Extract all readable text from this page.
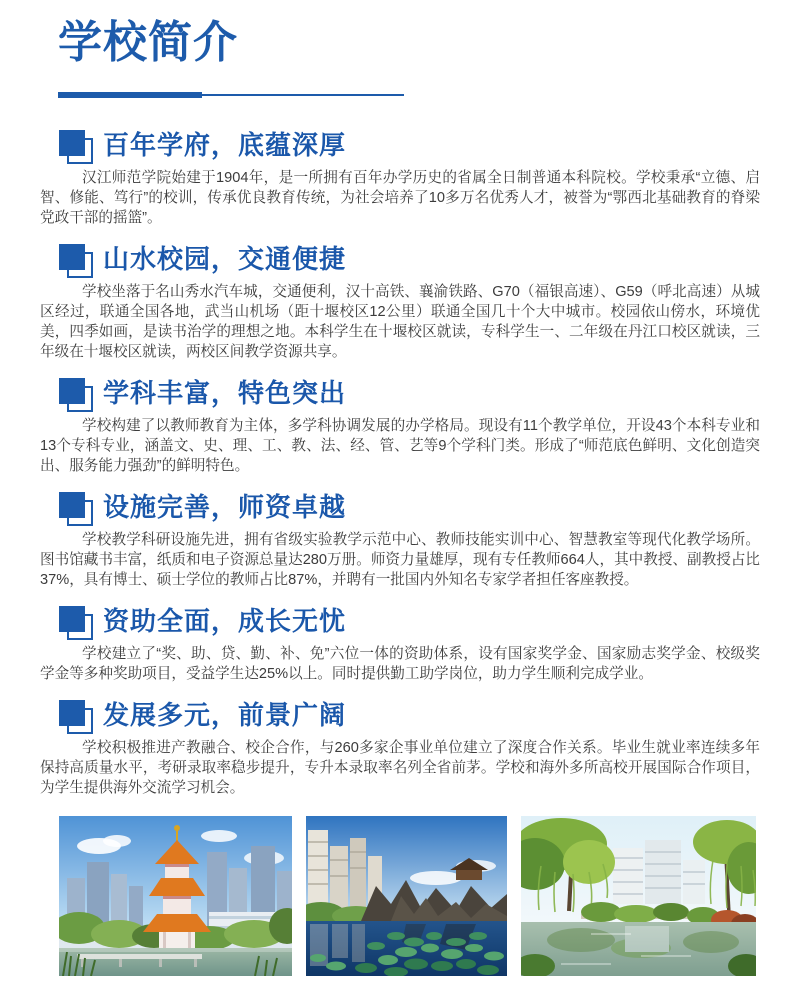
学校简介
百年学府，底蕴深厚

汉江师范学院始建于1904年，是一所拥有百年办学历史的省属全日制普通本科院校。学校秉承“立德、启智、修能、笃行”的校训，传承优良教育传统，为社会培养了10多万名优秀人才，被誉为“鄂西北基础教育的脊梁　党政干部的摇篮”。

山水校园，交通便捷

学校坐落于名山秀水汽车城，交通便利，汉十高铁、襄渝铁路、G70（福银高速）、G59（呼北高速）从城区经过，联通全国各地，武当山机场（距十堰校区12公里）联通全国几十个大中城市。校园依山傍水，环境优美，四季如画，是读书治学的理想之地。本科学生在十堰校区就读，专科学生一、二年级在丹江口校区就读，三年级在十堰校区就读，两校区间教学资源共享。

学科丰富，特色突出

学校构建了以教师教育为主体，多学科协调发展的办学格局。现设有11个教学单位，开设43个本科专业和13个专科专业，涵盖文、史、理、工、教、法、经、管、艺等9个学科门类。形成了“师范底色鲜明、文化创造突出、服务能力强劲”的鲜明特色。

设施完善，师资卓越

学校教学科研设施先进，拥有省级实验教学示范中心、教师技能实训中心、智慧教室等现代化教学场所。图书馆藏书丰富，纸质和电子资源总量达280万册。师资力量雄厚，现有专任教师664人，其中教授、副教授占比37%，具有博士、硕士学位的教师占比87%，并聘有一批国内外知名专家学者担任客座教授。

资助全面，成长无忧

学校建立了“奖、助、贷、勤、补、免”六位一体的资助体系，设有国家奖学金、国家励志奖学金、校级奖学金等多种奖助项目，受益学生达25%以上。同时提供勤工助学岗位，助力学生顺利完成学业。

发展多元，前景广阔

学校积极推进产教融合、校企合作，与260多家企事业单位建立了深度合作关系。毕业生就业率连续多年保持高质量水平，考研录取率稳步提升，专升本录取率名列全省前茅。学校和海外多所高校开展国际合作项目，为学生提供海外交流学习机会。
